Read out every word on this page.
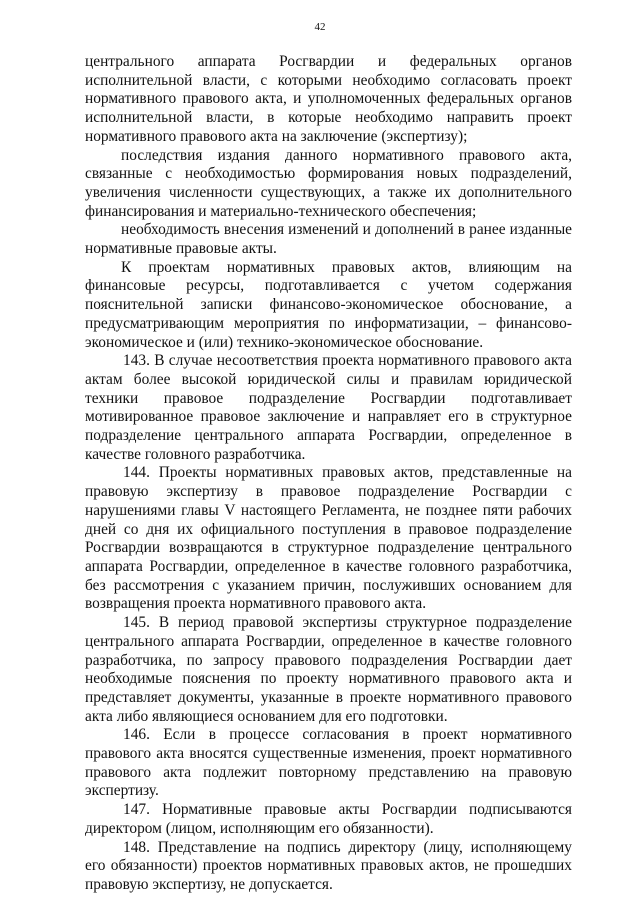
42

центрального аппарата Росгвардии и федеральных органов исполнительной власти, с которыми необходимо согласовать проект нормативного правового акта, и уполномоченных федеральных органов исполнительной власти, в которые необходимо направить проект нормативного правового акта на заключение (экспертизу);

последствия издания данного нормативного правового акта, связанные с необходимостью формирования новых подразделений, увеличения численности существующих, а также их дополнительного финансирования и материально-технического обеспечения;

необходимость внесения изменений и дополнений в ранее изданные нормативные правовые акты.

К проектам нормативных правовых актов, влияющим на финансовые ресурсы, подготавливается с учетом содержания пояснительной записки финансово-экономическое обоснование, а предусматривающим мероприятия по информатизации, – финансово-экономическое и (или) технико-экономическое обоснование.

143. В случае несоответствия проекта нормативного правового акта актам более высокой юридической силы и правилам юридической техники правовое подразделение Росгвардии подготавливает мотивированное правовое заключение и направляет его в структурное подразделение центрального аппарата Росгвардии, определенное в качестве головного разработчика.

144. Проекты нормативных правовых актов, представленные на правовую экспертизу в правовое подразделение Росгвардии с нарушениями главы V настоящего Регламента, не позднее пяти рабочих дней со дня их официального поступления в правовое подразделение Росгвардии возвращаются в структурное подразделение центрального аппарата Росгвардии, определенное в качестве головного разработчика, без рассмотрения с указанием причин, послуживших основанием для возвращения проекта нормативного правового акта.

145. В период правовой экспертизы структурное подразделение центрального аппарата Росгвардии, определенное в качестве головного разработчика, по запросу правового подразделения Росгвардии дает необходимые пояснения по проекту нормативного правового акта и представляет документы, указанные в проекте нормативного правового акта либо являющиеся основанием для его подготовки.

146. Если в процессе согласования в проект нормативного правового акта вносятся существенные изменения, проект нормативного правового акта подлежит повторному представлению на правовую экспертизу.

147. Нормативные правовые акты Росгвардии подписываются директором (лицом, исполняющим его обязанности).

148. Представление на подпись директору (лицу, исполняющему его обязанности) проектов нормативных правовых актов, не прошедших правовую экспертизу, не допускается.
